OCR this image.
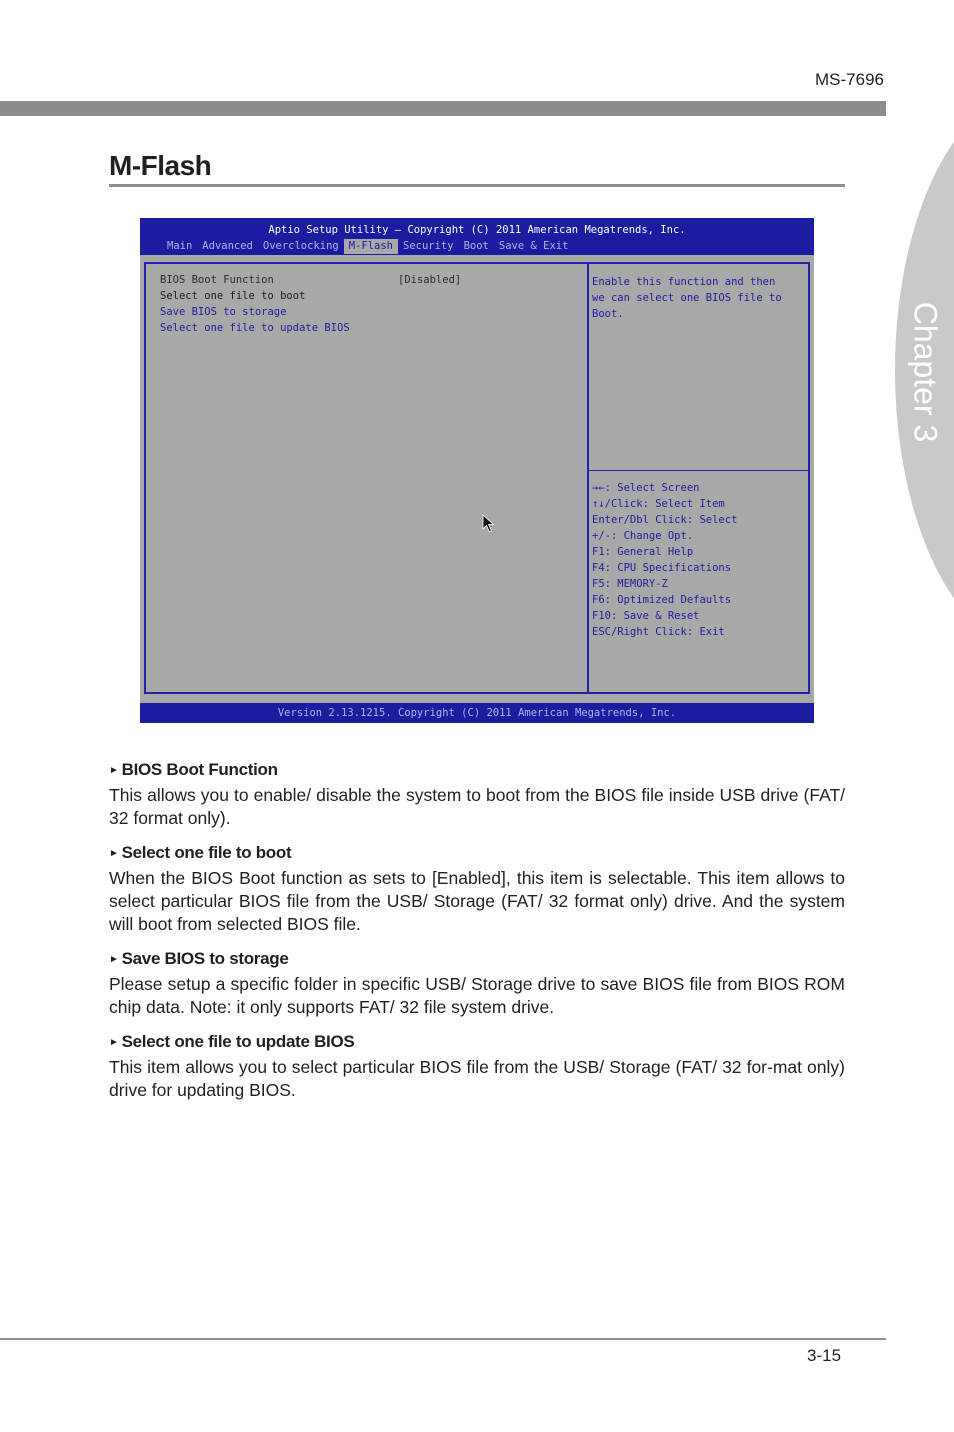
MS-7696
Chapter 3
M-Flash
Aptio Setup Utility – Copyright (C) 2011 American Megatrends, Inc.
Main Advanced Overclocking M-Flash Security Boot Save & Exit
BIOS Boot Function	[Disabled]
Select one file to boot
Save BIOS to storage
Select one file to update BIOS
Enable this function and then
we can select one BIOS file to
Boot.
→←: Select Screen
↑↓/Click: Select Item
Enter/Dbl Click: Select
+/-: Change Opt.
F1: General Help
F4: CPU Specifications
F5: MEMORY-Z
F6: Optimized Defaults
F10: Save & Reset
ESC/Right Click: Exit
Version 2.13.1215. Copyright (C) 2011 American Megatrends, Inc.
► BIOS Boot Function

This allows you to enable/ disable the system to boot from the BIOS file inside USB drive (FAT/ 32 format only).

► Select one file to boot

When the BIOS Boot function as sets to [Enabled], this item is selectable. This item allows to select particular BIOS file from the USB/ Storage (FAT/ 32 format only) drive. And the system will boot from selected BIOS file.

► Save BIOS to storage

Please setup a specific folder in specific USB/ Storage drive to save BIOS file from BIOS ROM chip data. Note: it only supports FAT/ 32 file system drive.

► Select one file to update BIOS

This item allows you to select particular BIOS file from the USB/ Storage (FAT/ 32 for-mat only) drive for updating BIOS.

3-15
